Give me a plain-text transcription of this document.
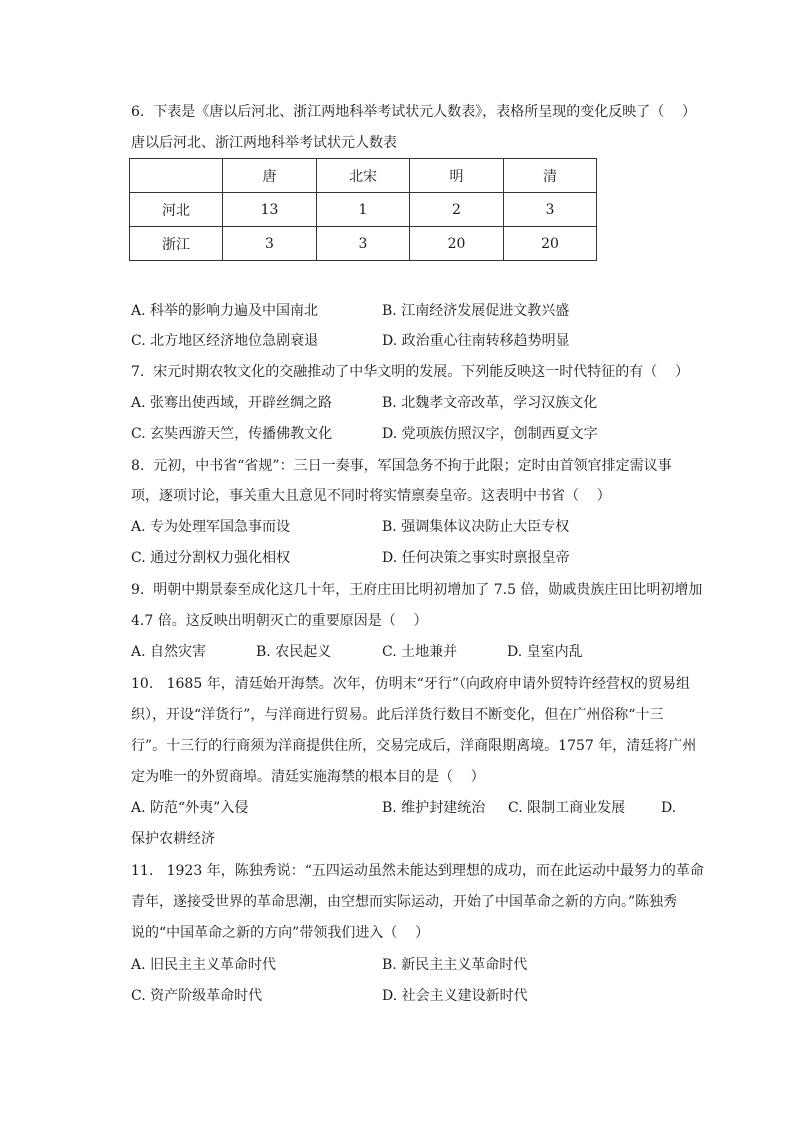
6.  下表是《唐以后河北、浙江两地科举考试状元人数表》，表格所呈现的变化反映了（    ）
唐以后河北、浙江两地科举考试状元人数表
	唐	北宋	明	清
河北	13	1	2	3
浙江	3	3	20	20
A. 科举的影响力遍及中国南北	B. 江南经济发展促进文教兴盛
C. 北方地区经济地位急剧衰退	D. 政治重心往南转移趋势明显
7.  宋元时期农牧文化的交融推动了中华文明的发展。下列能反映这一时代特征的有（    ）
A. 张骞出使西域，开辟丝绸之路	B. 北魏孝文帝改革，学习汉族文化
C. 玄奘西游天竺，传播佛教文化	D. 党项族仿照汉字，创制西夏文字
8.  元初，中书省“省规”：三日一奏事，军国急务不拘于此限；定时由首领官排定需议事
项，逐项讨论，事关重大且意见不同时将实情禀奏皇帝。这表明中书省（    ）
A. 专为处理军国急事而设	B. 强调集体议决防止大臣专权
C. 通过分割权力强化相权	D. 任何决策之事实时禀报皇帝
9.  明朝中期景泰至成化这几十年，王府庄田比明初增加了 7.5 倍，勋戚贵族庄田比明初增加
4.7 倍。这反映出明朝灭亡的重要原因是（    ）
A. 自然灾害	B. 农民起义	C. 土地兼并	D. 皇室内乱
10.   1685 年，清廷始开海禁。次年，仿明末“牙行”（向政府申请外贸特许经营权的贸易组
织），开设“洋货行”，与洋商进行贸易。此后洋货行数目不断变化，但在广州俗称“十三
行”。十三行的行商须为洋商提供住所，交易完成后，洋商限期离境。1757 年，清廷将广州
定为唯一的外贸商埠。清廷实施海禁的根本目的是（    ）
A. 防范“外夷”入侵	B. 维护封建统治 C. 限制工商业发展	D.
保护农耕经济
11.   1923 年，陈独秀说：“五四运动虽然未能达到理想的成功，而在此运动中最努力的革命
青年，遂接受世界的革命思潮，由空想而实际运动，开始了中国革命之新的方向。”陈独秀
说的“中国革命之新的方向”带领我们进入（    ）
A. 旧民主主义革命时代	B. 新民主主义革命时代
C. 资产阶级革命时代	D. 社会主义建设新时代
